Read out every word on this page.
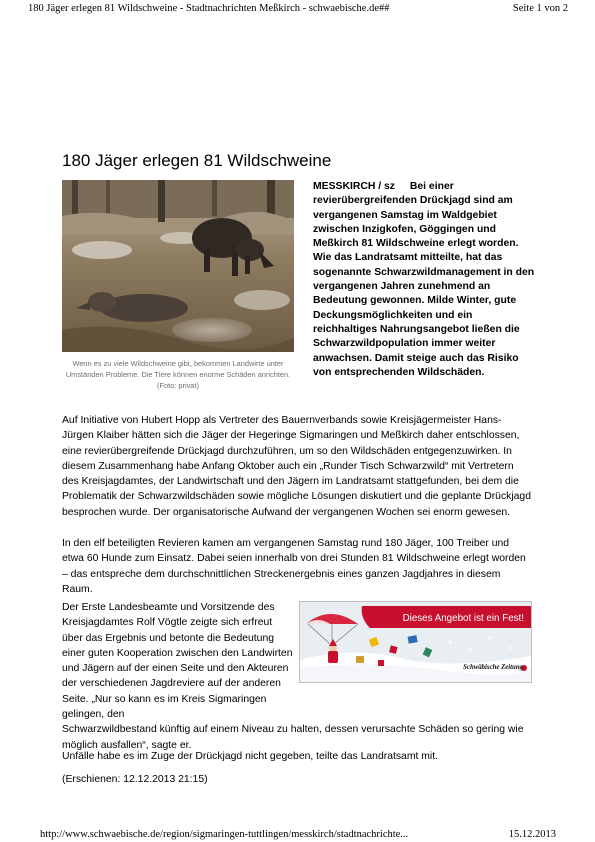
180 Jäger erlegen 81 Wildschweine - Stadtnachrichten Meßkirch - schwaebische.de##	Seite 1 von 2
180 Jäger erlegen 81 Wildschweine
Wenn es zu viele Wildschweine gibt, bekommen Landwirte unter Umständen Probleme. Die Tiere können enorme Schäden anrichten. (Foto: privat)
MESSKIRCH / sz Bei einer revierübergreifenden Drückjagd sind am vergangenen Samstag im Waldgebiet zwischen Inzigkofen, Göggingen und Meßkirch 81 Wildschweine erlegt worden. Wie das Landratsamt mitteilte, hat das sogenannte Schwarzwildmanagement in den vergangenen Jahren zunehmend an Bedeutung gewonnen. Milde Winter, gute Deckungsmöglichkeiten und ein reichhaltiges Nahrungsangebot ließen die Schwarzwildpopulation immer weiter anwachsen. Damit steige auch das Risiko von entsprechenden Wildschäden.

Auf Initiative von Hubert Hopp als Vertreter des Bauernverbands sowie Kreisjägermeister Hans-Jürgen Klaiber hätten sich die Jäger der Hegeringe Sigmaringen und Meßkirch daher entschlossen, eine revierübergreifende Drückjagd durchzuführen, um so den Wildschäden entgegenzuwirken. In diesem Zusammenhang habe Anfang Oktober auch ein „Runder Tisch Schwarzwild“ mit Vertretern des Kreisjagdamtes, der Landwirtschaft und den Jägern im Landratsamt stattgefunden, bei dem die Problematik der Schwarzwildschäden sowie mögliche Lösungen diskutiert und die geplante Drückjagd besprochen wurde. Der organisatorische Aufwand der vergangenen Wochen sei enorm gewesen.

In den elf beteiligten Revieren kamen am vergangenen Samstag rund 180 Jäger, 100 Treiber und etwa 60 Hunde zum Einsatz. Dabei seien innerhalb von drei Stunden 81 Wildschweine erlegt worden – das entspreche dem durchschnittlichen Streckenergebnis eines ganzen Jagdjahres in diesem Raum.

Der Erste Landesbeamte und Vorsitzende des Kreisjagdamtes Rolf Vögtle zeigte sich erfreut über das Ergebnis und betonte die Bedeutung einer guten Kooperation zwischen den Landwirten und Jägern auf der einen Seite und den Akteuren der verschiedenen Jagdreviere auf der anderen Seite. „Nur so kann es im Kreis Sigmaringen gelingen, den
Schwarzwildbestand künftig auf einem Niveau zu halten, dessen verursachte Schäden so gering wie möglich ausfallen“, sagte er.

Unfälle habe es im Zuge der Drückjagd nicht gegeben, teilte das Landratsamt mit.

(Erschienen: 12.12.2013 21:15)

Dieses Angebot ist ein Fest!
Schwäbische Zeitung
http://www.schwaebische.de/region/sigmaringen-tuttlingen/messkirch/stadtnachrichte...	15.12.2013
